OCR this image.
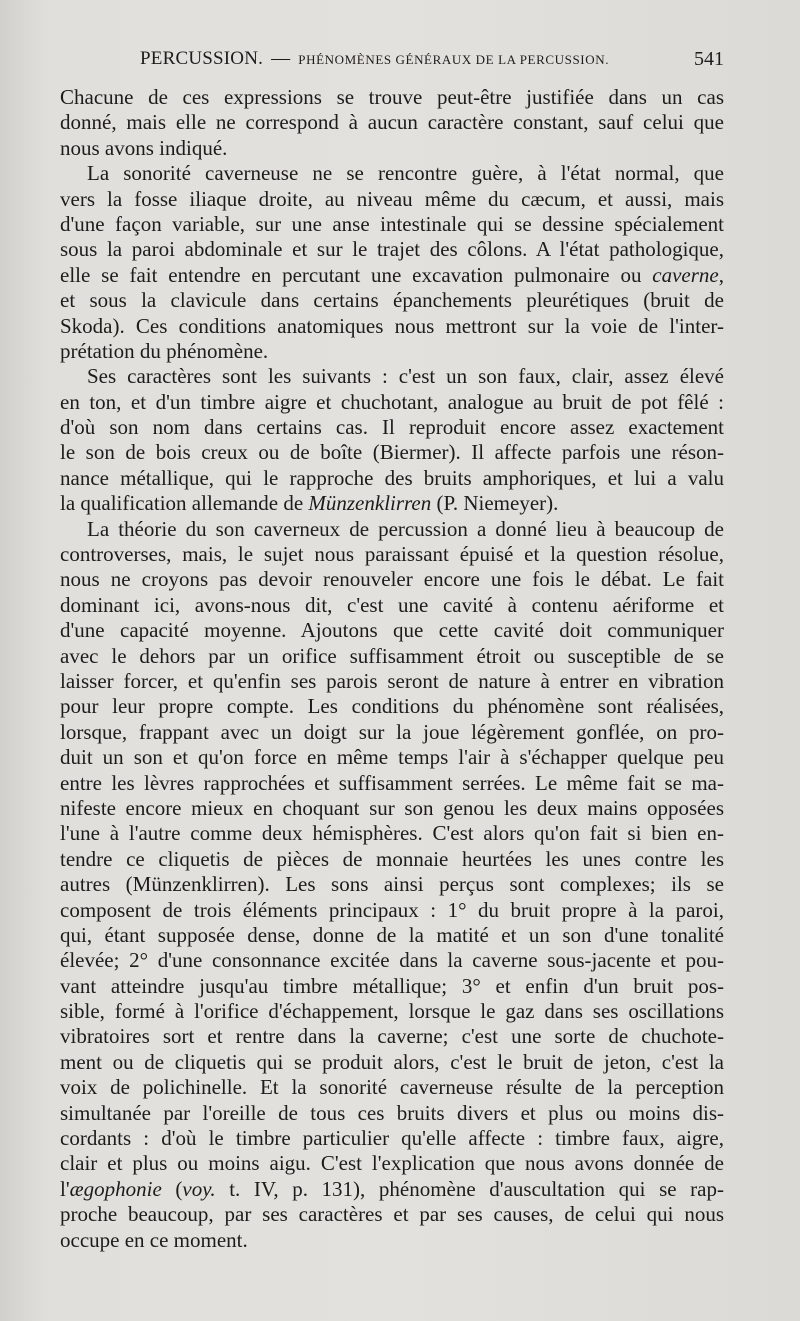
PERCUSSION. — PHÉNOMÈNES GÉNÉRAUX DE LA PERCUSSION.	541
Chacune de ces expressions se trouve peut-être justifiée dans un cas
donné, mais elle ne correspond à aucun caractère constant, sauf celui que
nous avons indiqué.
La sonorité caverneuse ne se rencontre guère, à l'état normal, que
vers la fosse iliaque droite, au niveau même du cæcum, et aussi, mais
d'une façon variable, sur une anse intestinale qui se dessine spécialement
sous la paroi abdominale et sur le trajet des côlons. A l'état pathologique,
elle se fait entendre en percutant une excavation pulmonaire ou caverne,
et sous la clavicule dans certains épanchements pleurétiques (bruit de
Skoda). Ces conditions anatomiques nous mettront sur la voie de l'inter-
prétation du phénomène.
Ses caractères sont les suivants : c'est un son faux, clair, assez élevé
en ton, et d'un timbre aigre et chuchotant, analogue au bruit de pot fêlé :
d'où son nom dans certains cas. Il reproduit encore assez exactement
le son de bois creux ou de boîte (Biermer). Il affecte parfois une réson-
nance métallique, qui le rapproche des bruits amphoriques, et lui a valu
la qualification allemande de Münzenklirren (P. Niemeyer).
La théorie du son caverneux de percussion a donné lieu à beaucoup de
controverses, mais, le sujet nous paraissant épuisé et la question résolue,
nous ne croyons pas devoir renouveler encore une fois le débat. Le fait
dominant ici, avons-nous dit, c'est une cavité à contenu aériforme et
d'une capacité moyenne. Ajoutons que cette cavité doit communiquer
avec le dehors par un orifice suffisamment étroit ou susceptible de se
laisser forcer, et qu'enfin ses parois seront de nature à entrer en vibration
pour leur propre compte. Les conditions du phénomène sont réalisées,
lorsque, frappant avec un doigt sur la joue légèrement gonflée, on pro-
duit un son et qu'on force en même temps l'air à s'échapper quelque peu
entre les lèvres rapprochées et suffisamment serrées. Le même fait se ma-
nifeste encore mieux en choquant sur son genou les deux mains opposées
l'une à l'autre comme deux hémisphères. C'est alors qu'on fait si bien en-
tendre ce cliquetis de pièces de monnaie heurtées les unes contre les
autres (Münzenklirren). Les sons ainsi perçus sont complexes; ils se
composent de trois éléments principaux : 1° du bruit propre à la paroi,
qui, étant supposée dense, donne de la matité et un son d'une tonalité
élevée; 2° d'une consonnance excitée dans la caverne sous-jacente et pou-
vant atteindre jusqu'au timbre métallique; 3° et enfin d'un bruit pos-
sible, formé à l'orifice d'échappement, lorsque le gaz dans ses oscillations
vibratoires sort et rentre dans la caverne; c'est une sorte de chuchote-
ment ou de cliquetis qui se produit alors, c'est le bruit de jeton, c'est la
voix de polichinelle. Et la sonorité caverneuse résulte de la perception
simultanée par l'oreille de tous ces bruits divers et plus ou moins dis-
cordants : d'où le timbre particulier qu'elle affecte : timbre faux, aigre,
clair et plus ou moins aigu. C'est l'explication que nous avons donnée de
l'ægophonie (voy. t. IV, p. 131), phénomène d'auscultation qui se rap-
proche beaucoup, par ses caractères et par ses causes, de celui qui nous
occupe en ce moment.
